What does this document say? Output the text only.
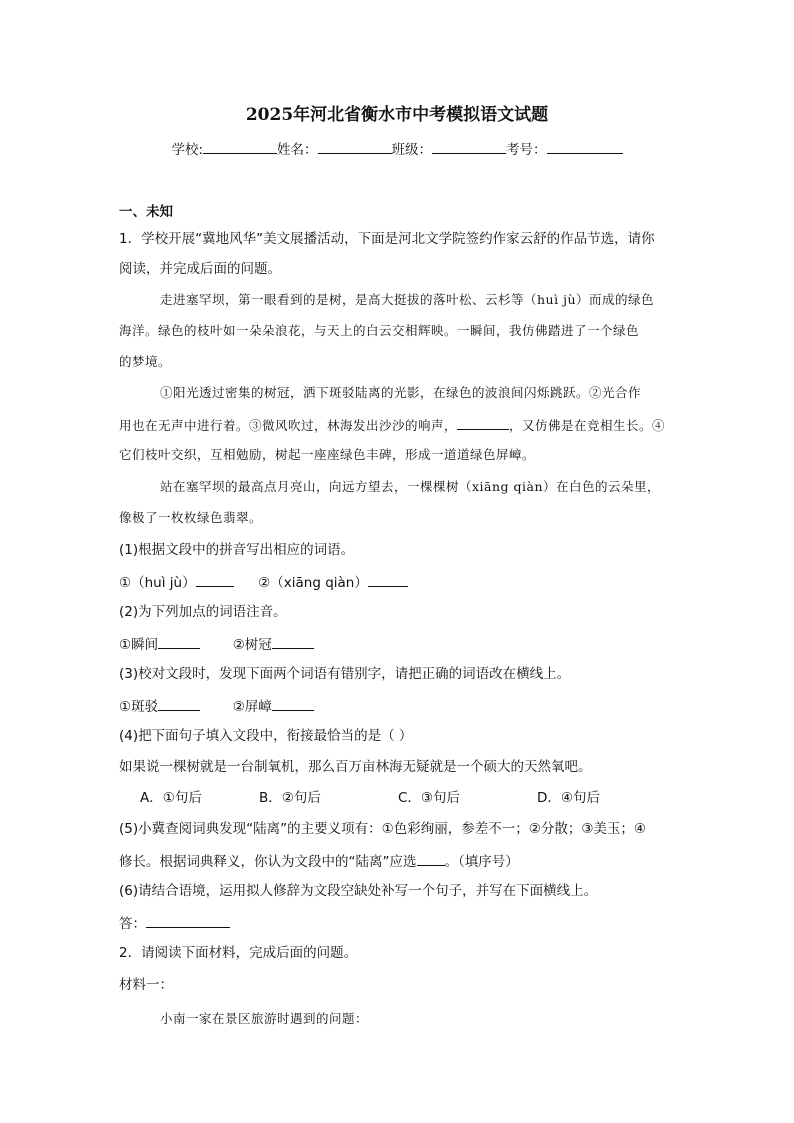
2025年河北省衡水市中考模拟语文试题
学校:	姓名：	班级：	考号：
一、未知
1．学校开展“冀地风华”美文展播活动，下面是河北文学院签约作家云舒的作品节选，请你
阅读，并完成后面的问题。
走进塞罕坝，第一眼看到的是树，是高大挺拔的落叶松、云杉等（huì jù）而成的绿色
海洋。绿色的枝叶如一朵朵浪花，与天上的白云交相辉映。一瞬间，我仿佛踏进了一个绿色
的梦境。
①阳光透过密集的树冠，洒下斑驳陆离的光影，在绿色的波浪间闪烁跳跃。②光合作
用也在无声中进行着。③微风吹过，林海发出沙沙的响声，	，又仿佛是在竞相生长。④
它们枝叶交织，互相勉励，树起一座座绿色丰碑，形成一道道绿色屏嶂。
站在塞罕坝的最高点月亮山，向远方望去，一棵棵树（xiāng qiàn）在白色的云朵里，
像极了一枚枚绿色翡翠。
(1)根据文段中的拼音写出相应的词语。
①（huì jù）	②（xiāng qiàn）
(2)为下列加点的词语注音。
①瞬间	②树冠
(3)校对文段时，发现下面两个词语有错别字，请把正确的词语改在横线上。
①斑驳	②屏嶂
(4)把下面句子填入文段中，衔接最恰当的是（ ）
如果说一棵树就是一台制氧机，那么百万亩林海无疑就是一个硕大的天然氧吧。
A．①句后	B．②句后	C．③句后	D．④句后
(5)小冀查阅词典发现“陆离”的主要义项有：①色彩绚丽，参差不一；②分散；③美玉；④
修长。根据词典释义，你认为文段中的“陆离”应选 。（填序号）
(6)请结合语境，运用拟人修辞为文段空缺处补写一个句子，并写在下面横线上。
答：
2．请阅读下面材料，完成后面的问题。
材料一：
小南一家在景区旅游时遇到的问题：
